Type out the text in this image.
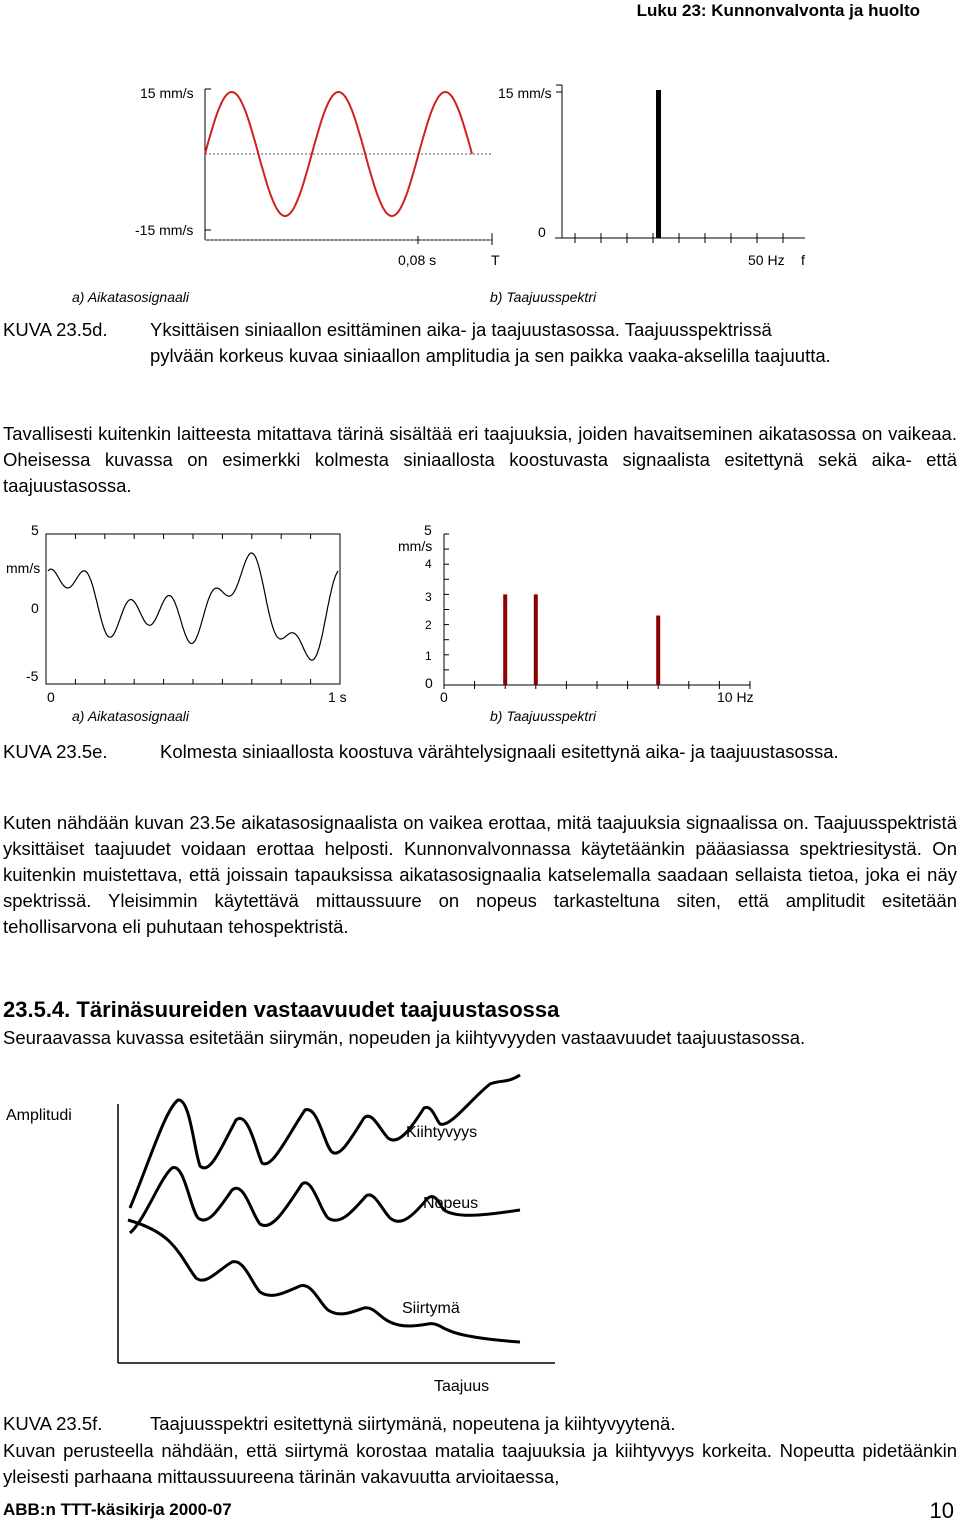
Luku 23: Kunnonvalvonta ja huolto
15 mm/s
-15 mm/s
0,08 s	T
a) Aikatasosignaali
15 mm/s
0
50 Hz f
b) Taajuusspektri
KUVA 23.5d. Yksittäisen siniaallon esittäminen aika- ja taajuustasossa. Taajuusspektrissä
pylvään korkeus kuvaa siniaallon amplitudia ja sen paikka vaaka-akselilla taajuutta.
Tavallisesti kuitenkin laitteesta mitattava tärinä sisältää eri taajuuksia, joiden havaitseminen aikatasossa on vaikeaa. Oheisessa kuvassa on esimerkki kolmesta siniaallosta koostuvasta signaalista esitettynä sekä aika- että taajuustasossa.
5
mm/s
0
-5
0	1 s
a) Aikatasosignaali
5
mm/s
4
3
2
1
0
0	10 Hz
b) Taajuusspektri
KUVA 23.5e.	Kolmesta siniaallosta koostuva värähtelysignaali esitettynä aika- ja taajuustasossa.
Kuten nähdään kuvan 23.5e aikatasosignaalista on vaikea erottaa, mitä taajuuksia signaalissa on. Taajuusspektristä yksittäiset taajuudet voidaan erottaa helposti. Kunnonvalvonnassa käytetäänkin pääasiassa spektriesitystä. On kuitenkin muistettava, että joissain tapauksissa aikatasosignaalia katselemalla saadaan sellaista tietoa, joka ei näy spektrissä. Yleisimmin käytettävä mittaussuure on nopeus tarkasteltuna siten, että amplitudit esitetään tehollisarvona eli puhutaan tehospektristä.
23.5.4. Tärinäsuureiden vastaavuudet taajuustasossa
Seuraavassa kuvassa esitetään siirymän, nopeuden ja kiihtyvyyden vastaavuudet taajuustasossa.
Amplitudi
Kiihtyvyys
Nopeus
Siirtymä
Taajuus
KUVA 23.5f.	Taajuusspektri esitettynä siirtymänä, nopeutena ja kiihtyvyytenä.
Kuvan perusteella nähdään, että siirtymä korostaa matalia taajuuksia ja kiihtyvyys korkeita. Nopeutta pidetäänkin yleisesti parhaana mittaussuureena tärinän vakavuutta arvioitaessa,
ABB:n TTT-käsikirja 2000-07	10
